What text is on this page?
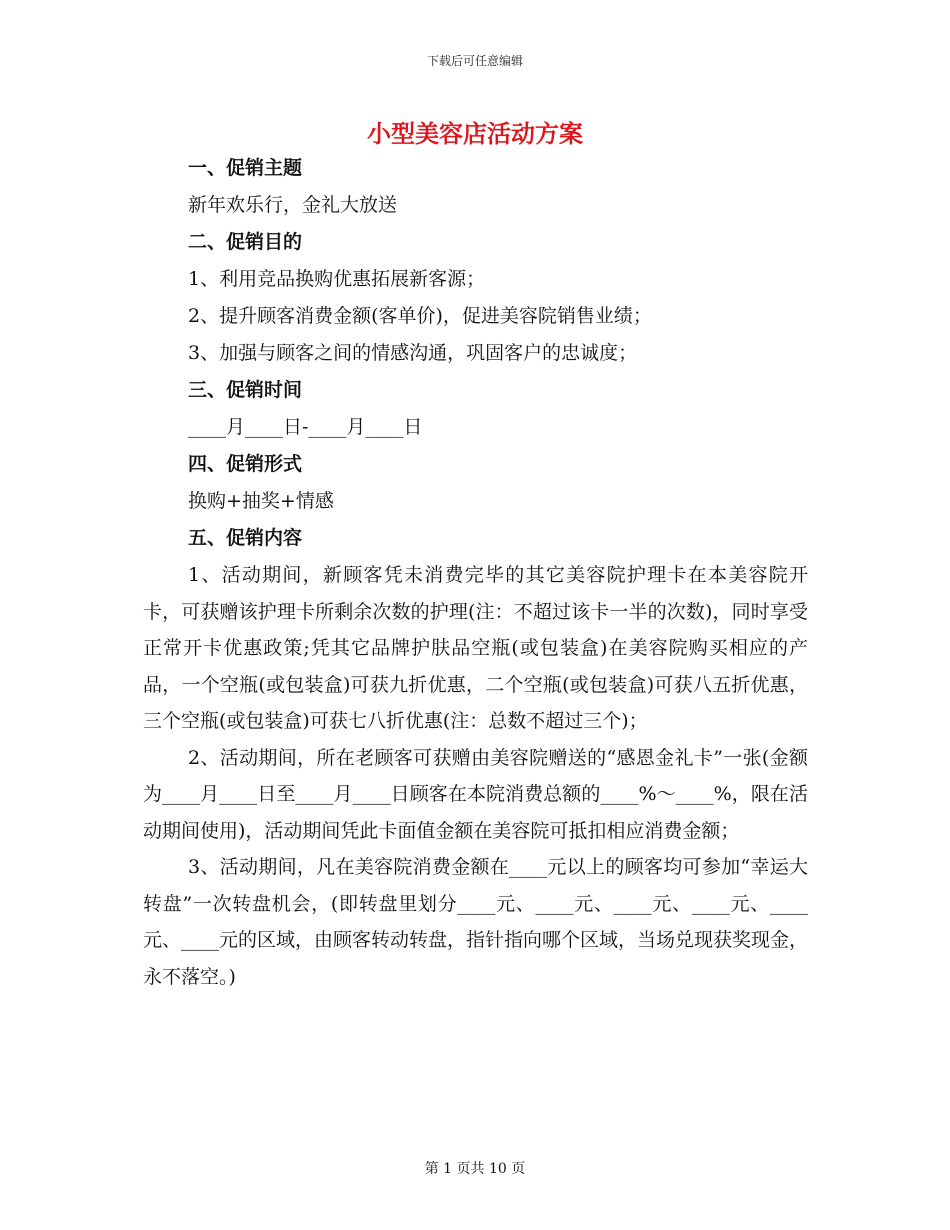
下载后可任意编辑
小型美容店活动方案
一、促销主题
新年欢乐行，金礼大放送
二、促销目的
1、利用竞品换购优惠拓展新客源；
2、提升顾客消费金额(客单价)，促进美容院销售业绩；
3、加强与顾客之间的情感沟通，巩固客户的忠诚度；
三、促销时间
____月____日-____月____日
四、促销形式
换购+抽奖+情感
五、促销内容

1、活动期间，新顾客凭未消费完毕的其它美容院护理卡在本美容院开卡，可获赠该护理卡所剩余次数的护理(注：不超过该卡一半的次数)，同时享受正常开卡优惠政策;凭其它品牌护肤品空瓶(或包装盒)在美容院购买相应的产品，一个空瓶(或包装盒)可获九折优惠，二个空瓶(或包装盒)可获八五折优惠，三个空瓶(或包装盒)可获七八折优惠(注：总数不超过三个)；

2、活动期间，所在老顾客可获赠由美容院赠送的“感恩金礼卡”一张(金额为____月____日至____月____日顾客在本院消费总额的____%～____%，限在活动期间使用)，活动期间凭此卡面值金额在美容院可抵扣相应消费金额；

3、活动期间，凡在美容院消费金额在____元以上的顾客均可参加“幸运大转盘”一次转盘机会，(即转盘里划分____元、____元、____元、____元、____元、____元的区域，由顾客转动转盘，指针指向哪个区域，当场兑现获奖现金，永不落空。)

第 1 页共 10 页
